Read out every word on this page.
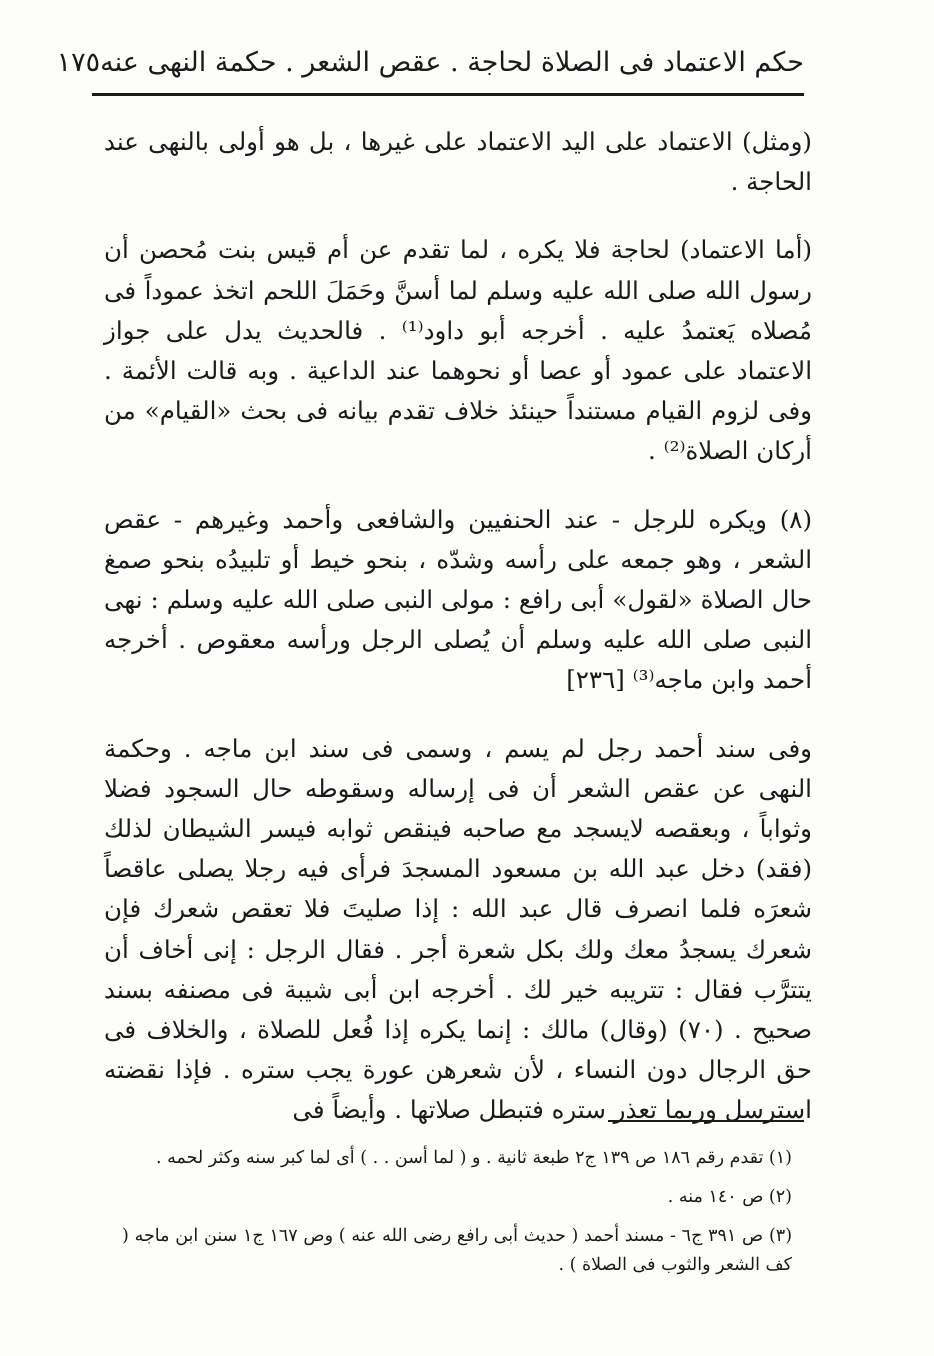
حكم الاعتماد فى الصلاة لحاجة . عقص الشعر . حكمة النهى عنه
١٧٥

(ومثل) الاعتماد على اليد الاعتماد على غيرها ، بل هو أولى بالنهى عند الحاجة .

(أما الاعتماد) لحاجة فلا يكره ، لما تقدم عن أم قيس بنت مُحصن أن رسول الله صلى الله عليه وسلم لما أسنَّ وحَمَلَ اللحم اتخذ عموداً فى مُصلاه يَعتمدُ عليه . أخرجه أبو داود⁽¹⁾ . فالحديث يدل على جواز الاعتماد على عمود أو عصا أو نحوهما عند الداعية . وبه قالت الأئمة . وفى لزوم القيام مستنداً حينئذ خلاف تقدم بيانه فى بحث «القيام» من أركان الصلاة⁽²⁾ .

(٨) ويكره للرجل - عند الحنفيين والشافعى وأحمد وغيرهم - عقص الشعر ، وهو جمعه على رأسه وشدّه ، بنحو خيط أو تلبيدُه بنحو صمغ حال الصلاة «لقول» أبى رافع : مولى النبى صلى الله عليه وسلم : نهى النبى صلى الله عليه وسلم أن يُصلى الرجل ورأسه معقوص . أخرجه أحمد وابن ماجه⁽³⁾ [٢٣٦]

وفى سند أحمد رجل لم يسم ، وسمى فى سند ابن ماجه . وحكمة النهى عن عقص الشعر أن فى إرساله وسقوطه حال السجود فضلا وثواباً ، وبعقصه لايسجد مع صاحبه فينقص ثوابه فيسر الشيطان لذلك (فقد) دخل عبد الله بن مسعود المسجدَ فرأى فيه رجلا يصلى عاقصاً شعرَه فلما انصرف قال عبد الله : إذا صليتَ فلا تعقص شعرك فإن شعرك يسجدُ معك ولك بكل شعرة أجر . فقال الرجل : إنى أخاف أن يتترَّب فقال : تتريبه خير لك . أخرجه ابن أبى شيبة فى مصنفه بسند صحيح . (٧٠) (وقال) مالك : إنما يكره إذا فُعل للصلاة ، والخلاف فى حق الرجال دون النساء ، لأن شعرهن عورة يجب ستره . فإذا نقضته استرسل وربما تعذر ستره فتبطل صلاتها . وأيضاً فى

(١) تقدم رقم ١٨٦ ص ١٣٩ ج٢ طبعة ثانية . و ( لما أسن . . ) أى لما كبر سنه وكثر لحمه .

(٢) ص ١٤٠ منه .

(٣) ص ٣٩١ ج٦ - مسند أحمد ( حديث أبى رافع رضى الله عنه ) وص ١٦٧ ج١ سنن ابن ماجه ( كف الشعر والثوب فى الصلاة ) .
